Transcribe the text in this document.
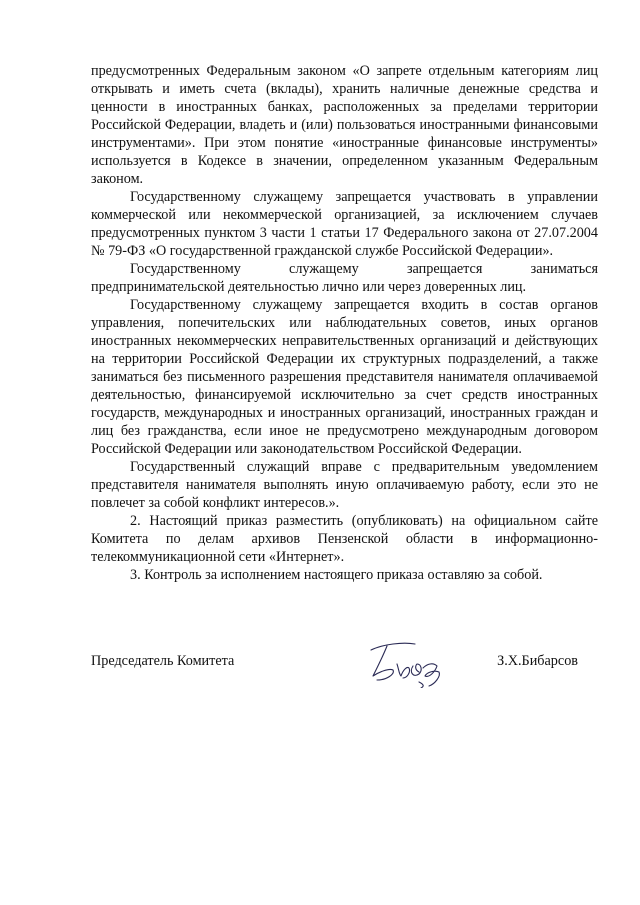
предусмотренных Федеральным законом «О запрете отдельным категориям лиц открывать и иметь счета (вклады), хранить наличные денежные средства и ценности в иностранных банках, расположенных за пределами территории Российской Федерации, владеть и (или) пользоваться иностранными финансовыми инструментами». При этом понятие «иностранные финансовые инструменты» используется в Кодексе в значении, определенном указанным Федеральным законом.

Государственному служащему запрещается участвовать в управлении коммерческой или некоммерческой организацией, за исключением случаев предусмотренных пунктом 3 части 1 статьи 17 Федерального закона от 27.07.2004 № 79-ФЗ «О государственной гражданской службе Российской Федерации».

Государственному служащему запрещается заниматься предпринимательской деятельностью лично или через доверенных лиц.

Государственному служащему запрещается входить в состав органов управления, попечительских или наблюдательных советов, иных органов иностранных некоммерческих неправительственных организаций и действующих на территории Российской Федерации их структурных подразделений, а также заниматься без письменного разрешения представителя нанимателя оплачиваемой деятельностью, финансируемой исключительно за счет средств иностранных государств, международных и иностранных организаций, иностранных граждан и лиц без гражданства, если иное не предусмотрено международным договором Российской Федерации или законодательством Российской Федерации.

Государственный служащий вправе с предварительным уведомлением представителя нанимателя выполнять иную оплачиваемую работу, если это не повлечет за собой конфликт интересов.».

2. Настоящий приказ разместить (опубликовать) на официальном сайте Комитета по делам архивов Пензенской области в информационно-телекоммуникационной сети «Интернет».

3. Контроль за исполнением настоящего приказа оставляю за собой.

Председатель Комитета	З.Х.Бибарсов
